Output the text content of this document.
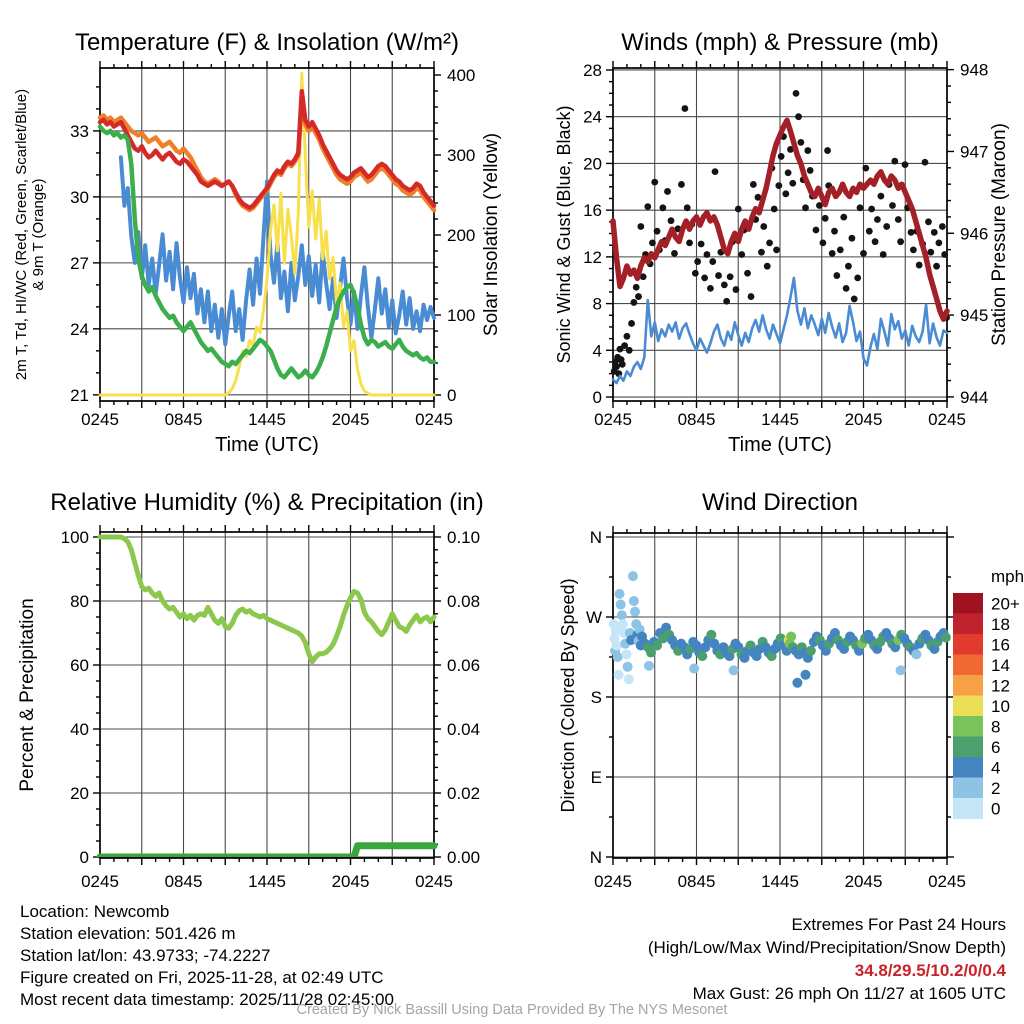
0245	0845	1445	2045	0245
21
24
27
30
33
0
100
200
300
400
Temperature (F) & Insolation (W/m²)
2m T, Td, HI/WC (Red, Green, Scarlet/Blue)& 9m T (Orange)	Solar Insolation (Yellow)
Time (UTC)
0245	0845	1445	2045	0245
0
4
8
12
16
20
24
28
944
945
946
947
948
Winds (mph) & Pressure (mb)
Sonic Wind & Gust (Blue, Black)	Station Pressure (Maroon)
Time (UTC)
0245	0845	1445	2045	0245
0
20
40
60
80
100
0.00
0.02
0.04
0.06
0.08
0.10
Relative Humidity (%) & Precipitation (in)
Percent & Precipitation
0245	0845	1445	2045	0245
N
W
S
E
N
Wind Direction
Direction (Colored By Speed)
mph
20+
18
16
14
12
10
8
6
4
2
0
Location: Newcomb
Station elevation: 501.426 m
Station lat/lon: 43.9733; -74.2227
Figure created on Fri, 2025-11-28, at 02:49 UTC
Most recent data timestamp: 2025/11/28 02:45:00
Extremes For Past 24 Hours
(High/Low/Max Wind/Precipitation/Snow Depth)
34.8/29.5/10.2/0/0.4
Max Gust: 26 mph On 11/27 at 1605 UTC
Created By Nick Bassill Using Data Provided By The NYS Mesonet
